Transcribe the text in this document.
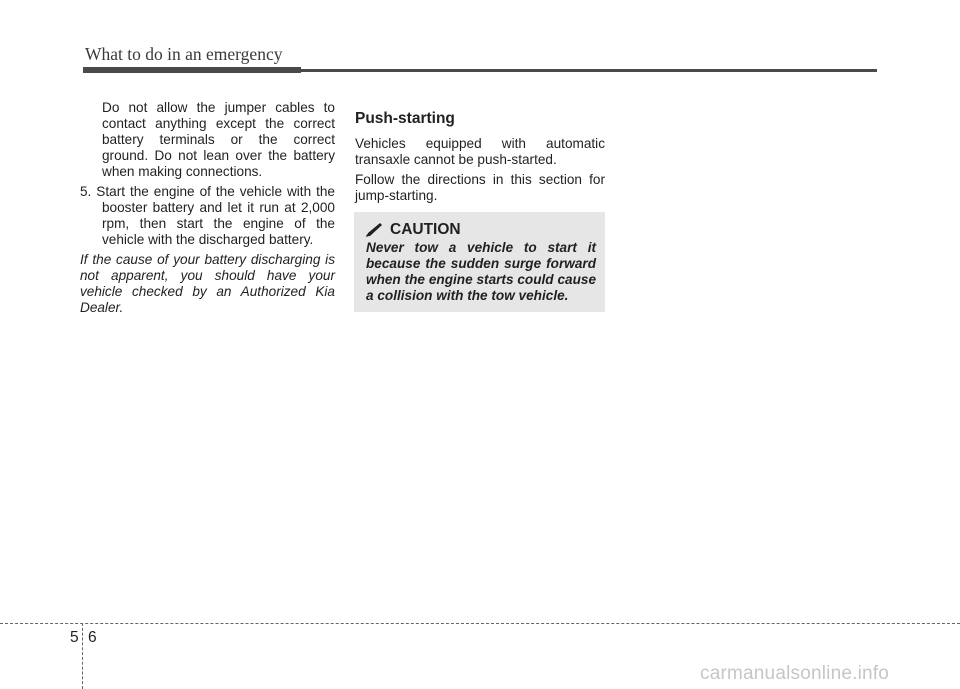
What to do in an emergency

Do not allow the jumper cables to contact anything except the correct battery terminals or the correct ground. Do not lean over the battery when making connections.

5. Start the engine of the vehicle with the booster battery and let it run at 2,000 rpm, then start the engine of the vehicle with the discharged battery.

If the cause of your battery discharging is not apparent, you should have your vehicle checked by an Authorized Kia Dealer.

Push-starting

Vehicles equipped with automatic transaxle cannot be push-started.

Follow the directions in this section for jump-starting.

CAUTION

Never tow a vehicle to start it because the sudden surge forward when the engine starts could cause a collision with the tow vehicle.

5 6
carmanualsonline.info
